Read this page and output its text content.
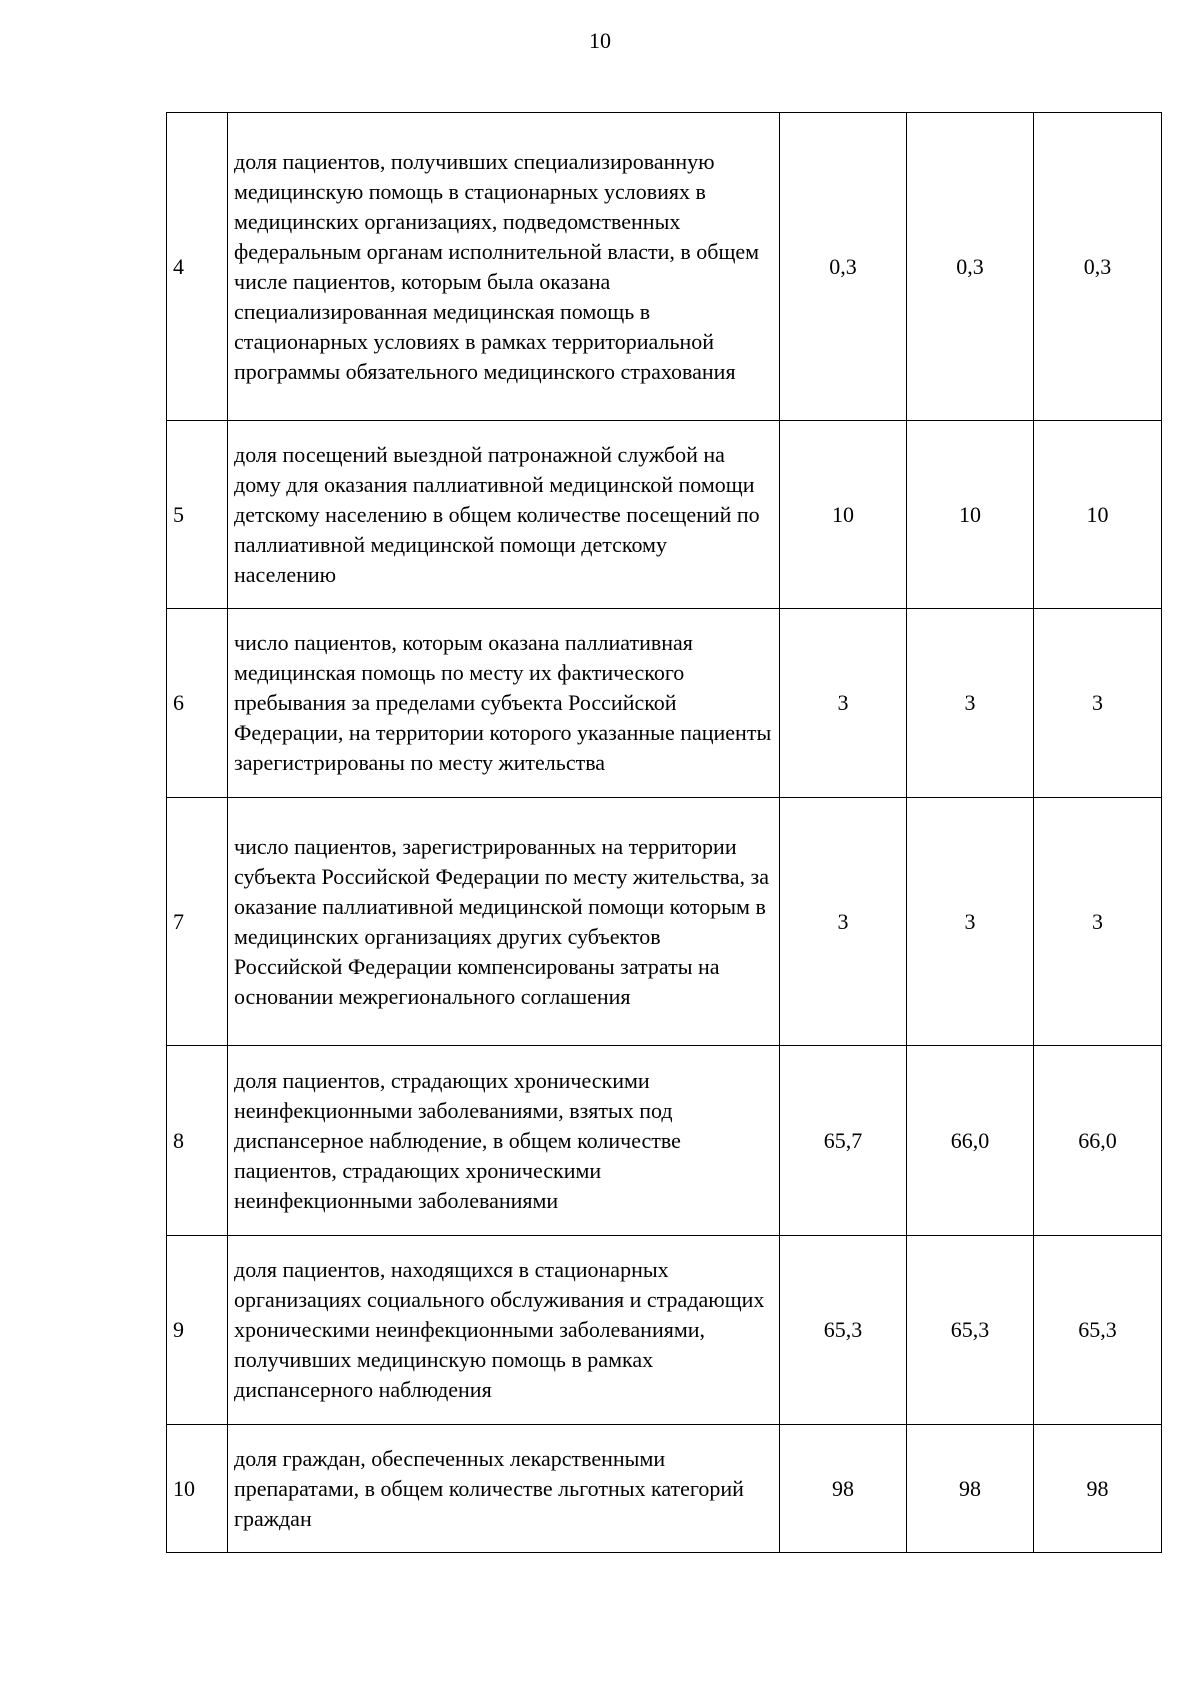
10
4	доля пациентов, получивших специализированную медицинскую помощь в стационарных условиях в медицинских организациях, подведомственных федеральным органам исполнительной власти, в общем числе пациентов, которым была оказана специализированная медицинская помощь в стационарных условиях в рамках территориальной программы обязательного медицинского страхования	0,3	0,3	0,3
5	доля посещений выездной патронажной службой на дому для оказания паллиативной медицинской помощи детскому населению в общем количестве посещений по паллиативной медицинской помощи детскому населению	10	10	10
6	число пациентов, которым оказана паллиативная медицинская помощь по месту их фактического пребывания за пределами субъекта Российской Федерации, на территории которого указанные пациенты зарегистрированы по месту жительства	3	3	3
7	число пациентов, зарегистрированных на территории субъекта Российской Федерации по месту жительства, за оказание паллиативной медицинской помощи которым в медицинских организациях других субъектов Российской Федерации компенсированы затраты на основании межрегионального соглашения	3	3	3
8	доля пациентов, страдающих хроническими неинфекционными заболеваниями, взятых под диспансерное наблюдение, в общем количестве пациентов, страдающих хроническими неинфекционными заболеваниями	65,7	66,0	66,0
9	доля пациентов, находящихся в стационарных организациях социального обслуживания и страдающих хроническими неинфекционными заболеваниями, получивших медицинскую помощь в рамках диспансерного наблюдения	65,3	65,3	65,3
10	доля граждан, обеспеченных лекарственными препаратами, в общем количестве льготных категорий граждан	98	98	98
